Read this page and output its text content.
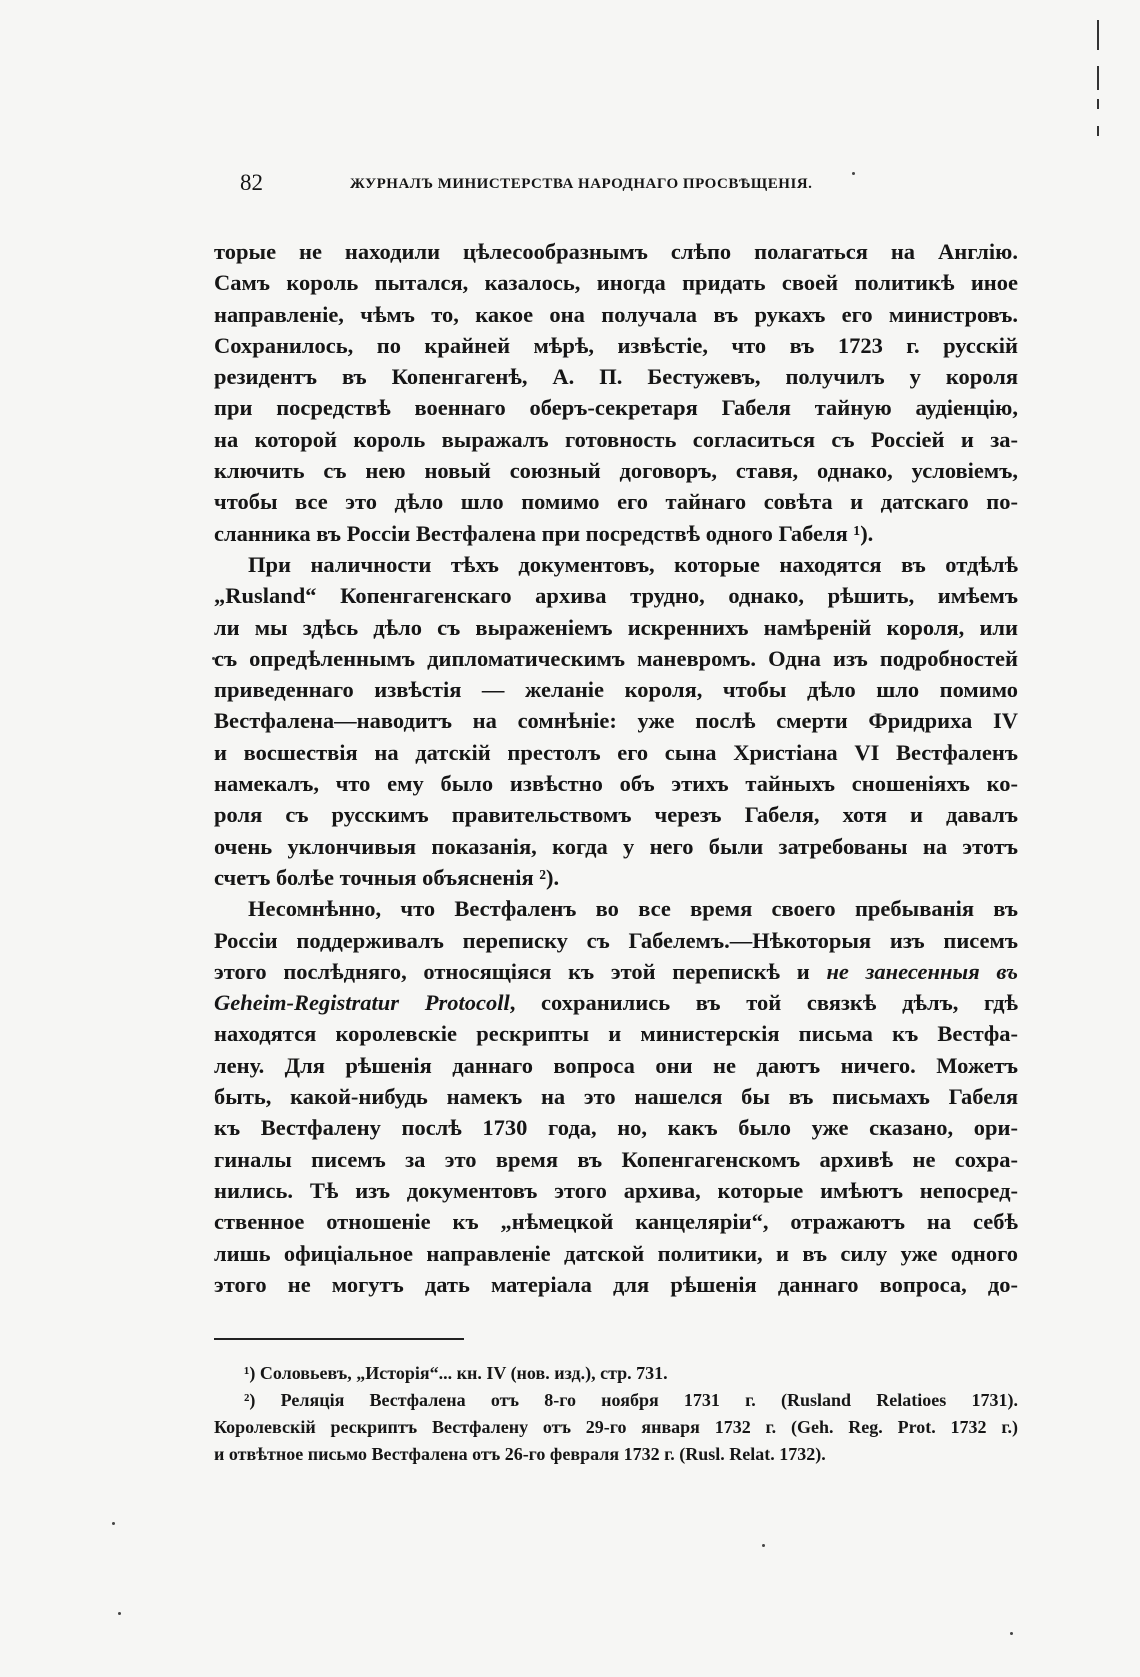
82	ЖУРНАЛЪ МИНИСТЕРСТВА НАРОДНАГО ПРОСВѢЩЕНІЯ.
торые не находили цѣлесообразнымъ слѣпо полагаться на Англію.
Самъ король пытался, казалось, иногда придать своей политикѣ иное
направленіе, чѣмъ то, какое она получала въ рукахъ его министровъ.
Сохранилось, по крайней мѣрѣ, извѣстіе, что въ 1723 г. русскій
резидентъ въ Копенгагенѣ, А. П. Бестужевъ, получилъ у короля
при посредствѣ военнаго оберъ-секретаря Габеля тайную аудіенцію,
на которой король выражалъ готовность согласиться съ Россіей и за-
ключить съ нею новый союзный договоръ, ставя, однако, условіемъ,
чтобы все это дѣло шло помимо его тайнаго совѣта и датскаго по-
сланника въ Россіи Вестфалена при посредствѣ одного Габеля ¹).
При наличности тѣхъ документовъ, которые находятся въ отдѣлѣ
„Rusland“ Копенгагенскаго архива трудно, однако, рѣшить, имѣемъ
ли мы здѣсь дѣло съ выраженіемъ искреннихъ намѣреній короля, или
съ опредѣленнымъ дипломатическимъ маневромъ. Одна изъ подробностей
приведеннаго извѣстія — желаніе короля, чтобы дѣло шло помимо
Вестфалена—наводитъ на сомнѣніе: уже послѣ смерти Фридриха IV
и восшествія на датскій престолъ его сына Христіана VI Вестфаленъ
намекалъ, что ему было извѣстно объ этихъ тайныхъ сношеніяхъ ко-
роля съ русскимъ правительствомъ черезъ Габеля, хотя и давалъ
очень уклончивыя показанія, когда у него были затребованы на этотъ
счетъ болѣе точныя объясненія ²).
Несомнѣнно, что Вестфаленъ во все время своего пребыванія въ
Россіи поддерживалъ переписку съ Габелемъ.—Нѣкоторыя изъ писемъ
этого послѣдняго, относящіяся къ этой перепискѣ и не занесенныя въ
Geheim-Registratur Protocoll, сохранились въ той связкѣ дѣлъ, гдѣ
находятся королевскіе рескрипты и министерскія письма къ Вестфа-
лену. Для рѣшенія даннаго вопроса они не даютъ ничего. Можетъ
быть, какой-нибудь намекъ на это нашелся бы въ письмахъ Габеля
къ Вестфалену послѣ 1730 года, но, какъ было уже сказано, ори-
гиналы писемъ за это время въ Копенгагенскомъ архивѣ не сохра-
нились. Тѣ изъ документовъ этого архива, которые имѣютъ непосред-
ственное отношеніе къ „нѣмецкой канцеляріи“, отражаютъ на себѣ
лишь офиціальное направленіе датской политики, и въ силу уже одного
этого не могутъ дать матеріала для рѣшенія даннаго вопроса, до-
¹) Соловьевъ, „Исторія“... кн. IV (нов. изд.), стр. 731.
²) Реляція Вестфалена отъ 8-го ноября 1731 г. (Rusland Relatioes 1731).
Королевскій рескриптъ Вестфалену отъ 29-го января 1732 г. (Geh. Reg. Prot. 1732 г.)
и отвѣтное письмо Вестфалена отъ 26-го февраля 1732 г. (Rusl. Relat. 1732).
